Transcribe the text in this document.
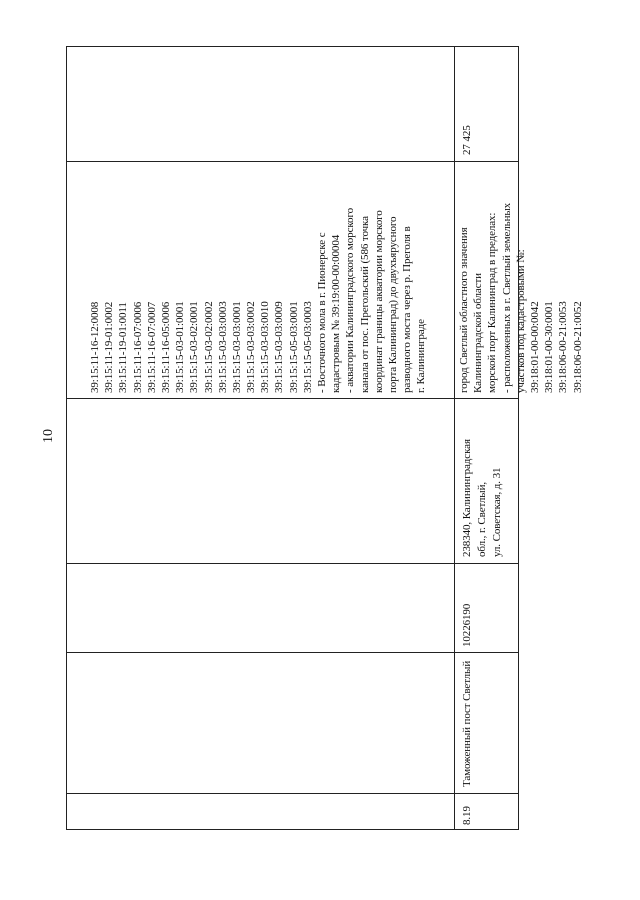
10
8.19
Таможенный пост Светлый
10226190
238340, Калининградская обл., г. Светлый, ул. Советская, д. 31
39:15:11-16-12:0008 39:15:11-19-01:0002 39:15:11-19-01:0011 39:15:11-16-07:0006 39:15:11-16-07:0007 39:15:11-16-05:0006 39:15:15-03-01:0001 39:15:15-03-02:0001 39:15:15-03-02:0002 39:15:15-03-03:0003 39:15:15-03-03:0001 39:15:15-03-03:0002 39:15:15-03-03:0010 39:15:15-03-03:0009 39:15:15-05-03:0001 39:15:15-05-03:0003 - Восточного мола в г. Пионерске с кадастровым № 39:19:00-00:00004 - акватории Калининградского морского канала от пос. Прегольский (586 точка координат границы акватории морского порта Калининград) до двухъярусного разводного моста через р. Преголя в г. Калининграде	город Светлый областного значения Калининградской области морской порт Калининград в пределах: - расположенных в г. Светлый земельных участков под кадастровыми №: 39:18:01-00-00:0042 39:18:01-00-30:0001 39:18:06-00-21:0053 39:18:06-00-21:0052
27 425
